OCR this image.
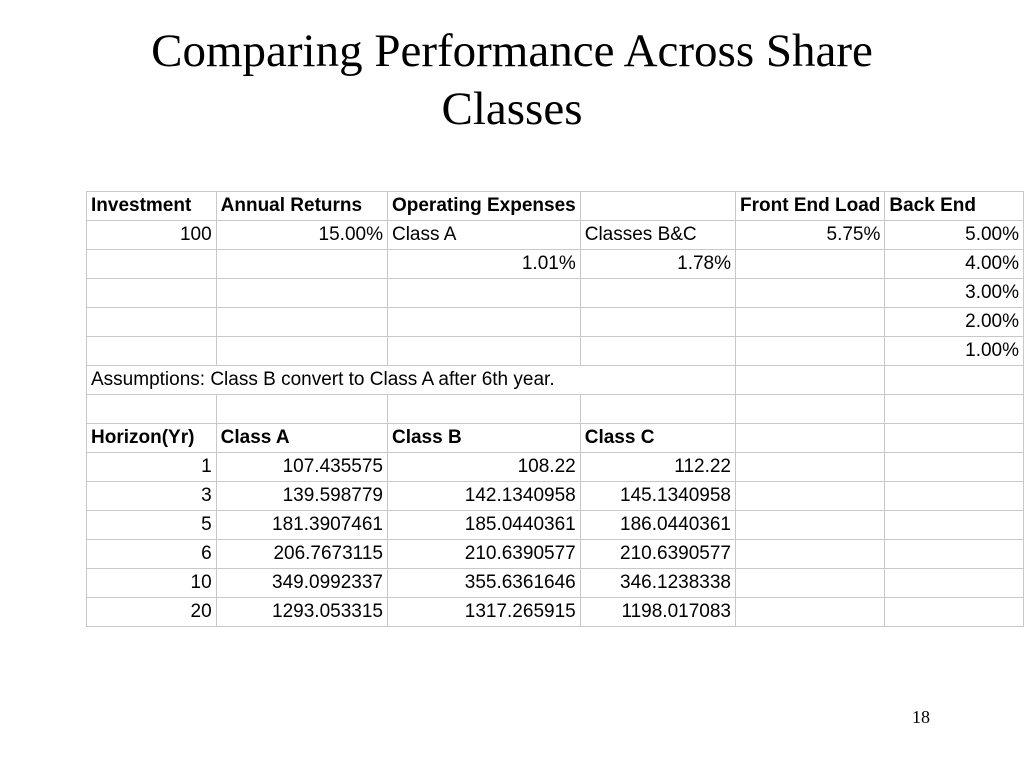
Comparing Performance Across Share
Classes
Investment	Annual Returns	Operating Expenses		Front End Load	Back End
100	15.00%	Class A	Classes B&C	5.75%	5.00%
		1.01%	1.78%		4.00%
					3.00%
					2.00%
					1.00%
Assumptions: Class B convert to Class A after 6th year.					

Horizon(Yr)	Class A	Class B	Class C		
1	107.435575	108.22	112.22		
3	139.598779	142.1340958	145.1340958		
5	181.3907461	185.0440361	186.0440361		
6	206.7673115	210.6390577	210.6390577		
10	349.0992337	355.6361646	346.1238338		
20	1293.053315	1317.265915	1198.017083		
18
